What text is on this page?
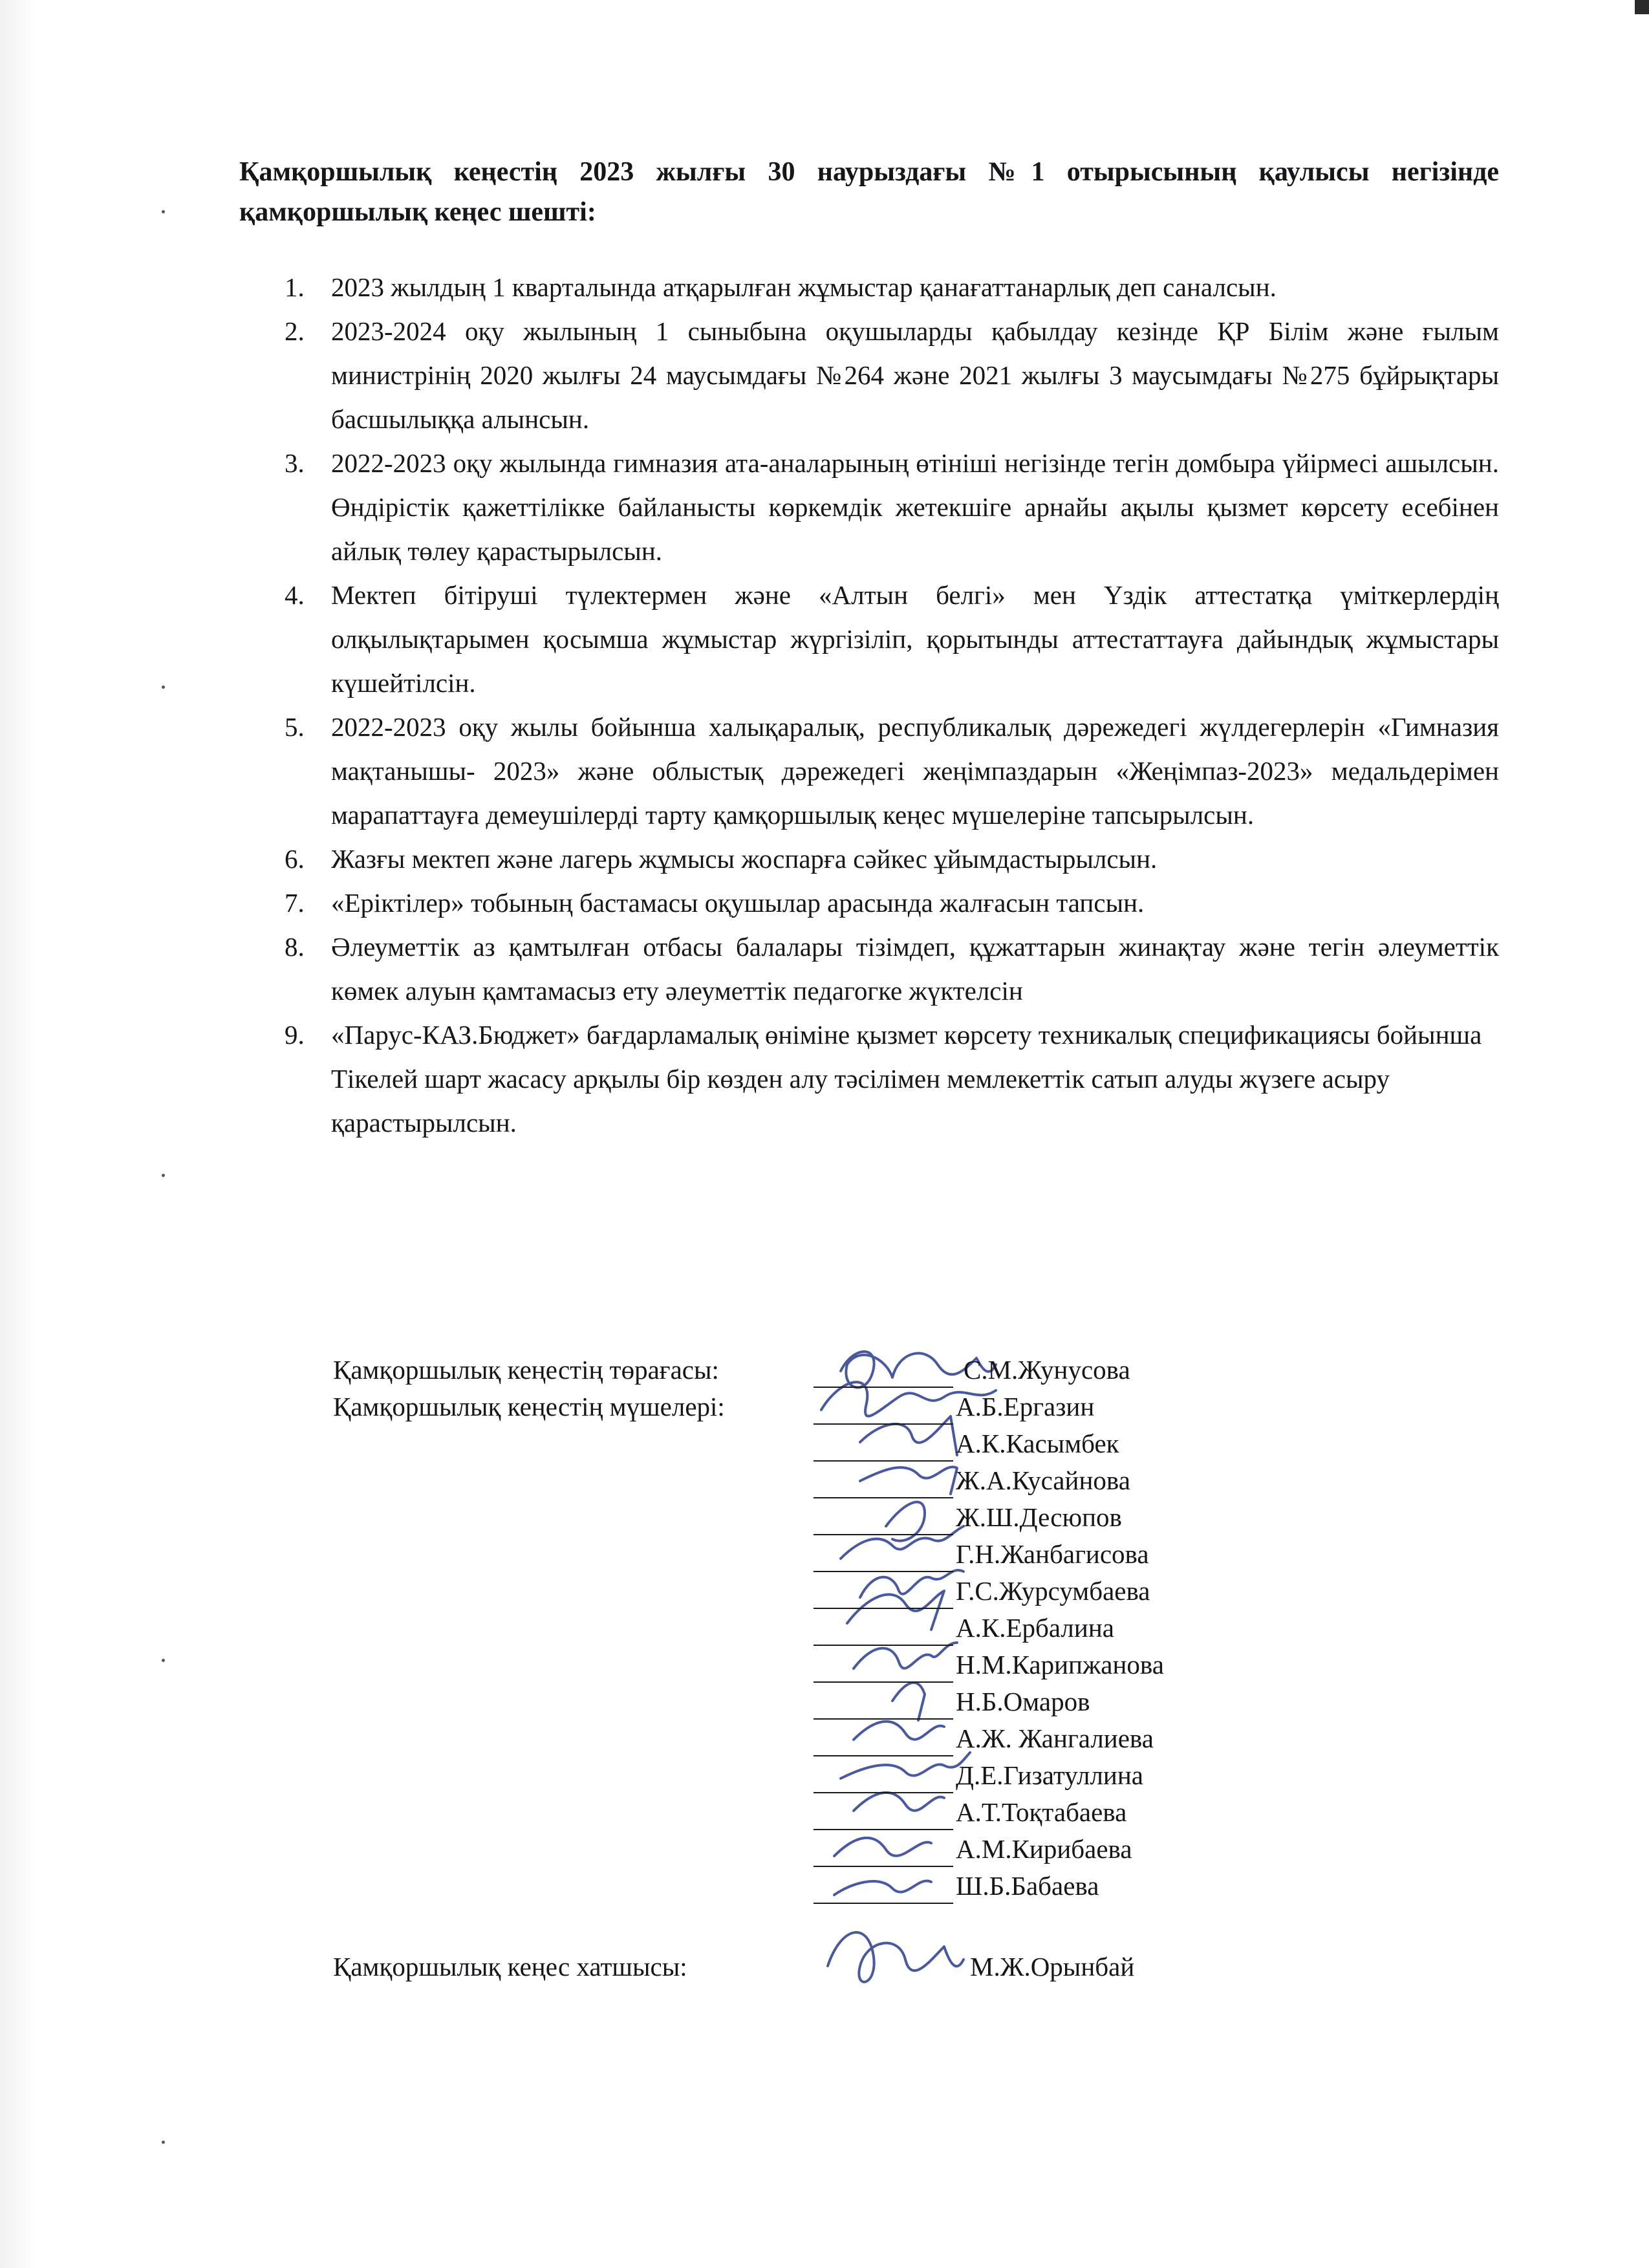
Қамқоршылық кеңестің 2023 жылғы 30 наурыздағы №1 отырысының қаулысы негізінде қамқоршылық кеңес шешті:
1. 2023 жылдың 1 кварталында атқарылған жұмыстар қанағаттанарлық деп саналсын.
2. 2023-2024 оқу жылының 1 сыныбына оқушыларды қабылдау кезінде ҚР Білім және ғылым министрінің 2020 жылғы 24 маусымдағы №264 және 2021 жылғы 3 маусымдағы №275 бұйрықтары басшылыққа алынсын.
3. 2022-2023 оқу жылында гимназия ата-аналарының өтініші негізінде тегін домбыра үйірмесі ашылсын. Өндірістік қажеттілікке байланысты көркемдік жетекшіге арнайы ақылы қызмет көрсету есебінен айлық төлеу қарастырылсын.
4. Мектеп бітіруші түлектермен және «Алтын белгі» мен Үздік аттестатқа үміткерлердің олқылықтарымен қосымша жұмыстар жүргізіліп, қорытынды аттестаттауға дайындық жұмыстары күшейтілсін.
5. 2022-2023 оқу жылы бойынша халықаралық, республикалық дәрежедегі жүлдегерлерін «Гимназия мақтанышы- 2023» және облыстық дәрежедегі жеңімпаздарын «Жеңімпаз-2023» медальдерімен марапаттауға демеушілерді тарту қамқоршылық кеңес мүшелеріне тапсырылсын.
6. Жазғы мектеп және лагерь жұмысы жоспарға сәйкес ұйымдастырылсын.
7. «Еріктілер» тобының бастамасы оқушылар арасында жалғасын тапсын.
8. Әлеуметтік аз қамтылған отбасы балалары тізімдеп, құжаттарын жинақтау және тегін әлеуметтік көмек алуын қамтамасыз ету әлеуметтік педагогке жүктелсін
9. «Парус-КАЗ.Бюджет» бағдарламалық өніміне қызмет көрсету техникалық спецификациясы бойынша Тікелей шарт жасасу арқылы бір көзден алу тәсілімен мемлекеттік сатып алуды жүзеге асыру қарастырылсын.
Қамқоршылық кеңестің төрағасы:	С.М.Жунусова
Қамқоршылық кеңестің мүшелері:	А.Б.Ергазин
А.К.Касымбек
Ж.А.Кусайнова
Ж.Ш.Десюпов
Г.Н.Жанбагисова
Г.С.Журсумбаева
А.К.Ербалина
Н.М.Карипжанова
Н.Б.Омаров
А.Ж. Жангалиева
Д.Е.Гизатуллина
А.Т.Тоқтабаева
А.М.Кирибаева
Ш.Б.Бабаева
Қамқоршылық кеңес хатшысы:	М.Ж.Орынбай
